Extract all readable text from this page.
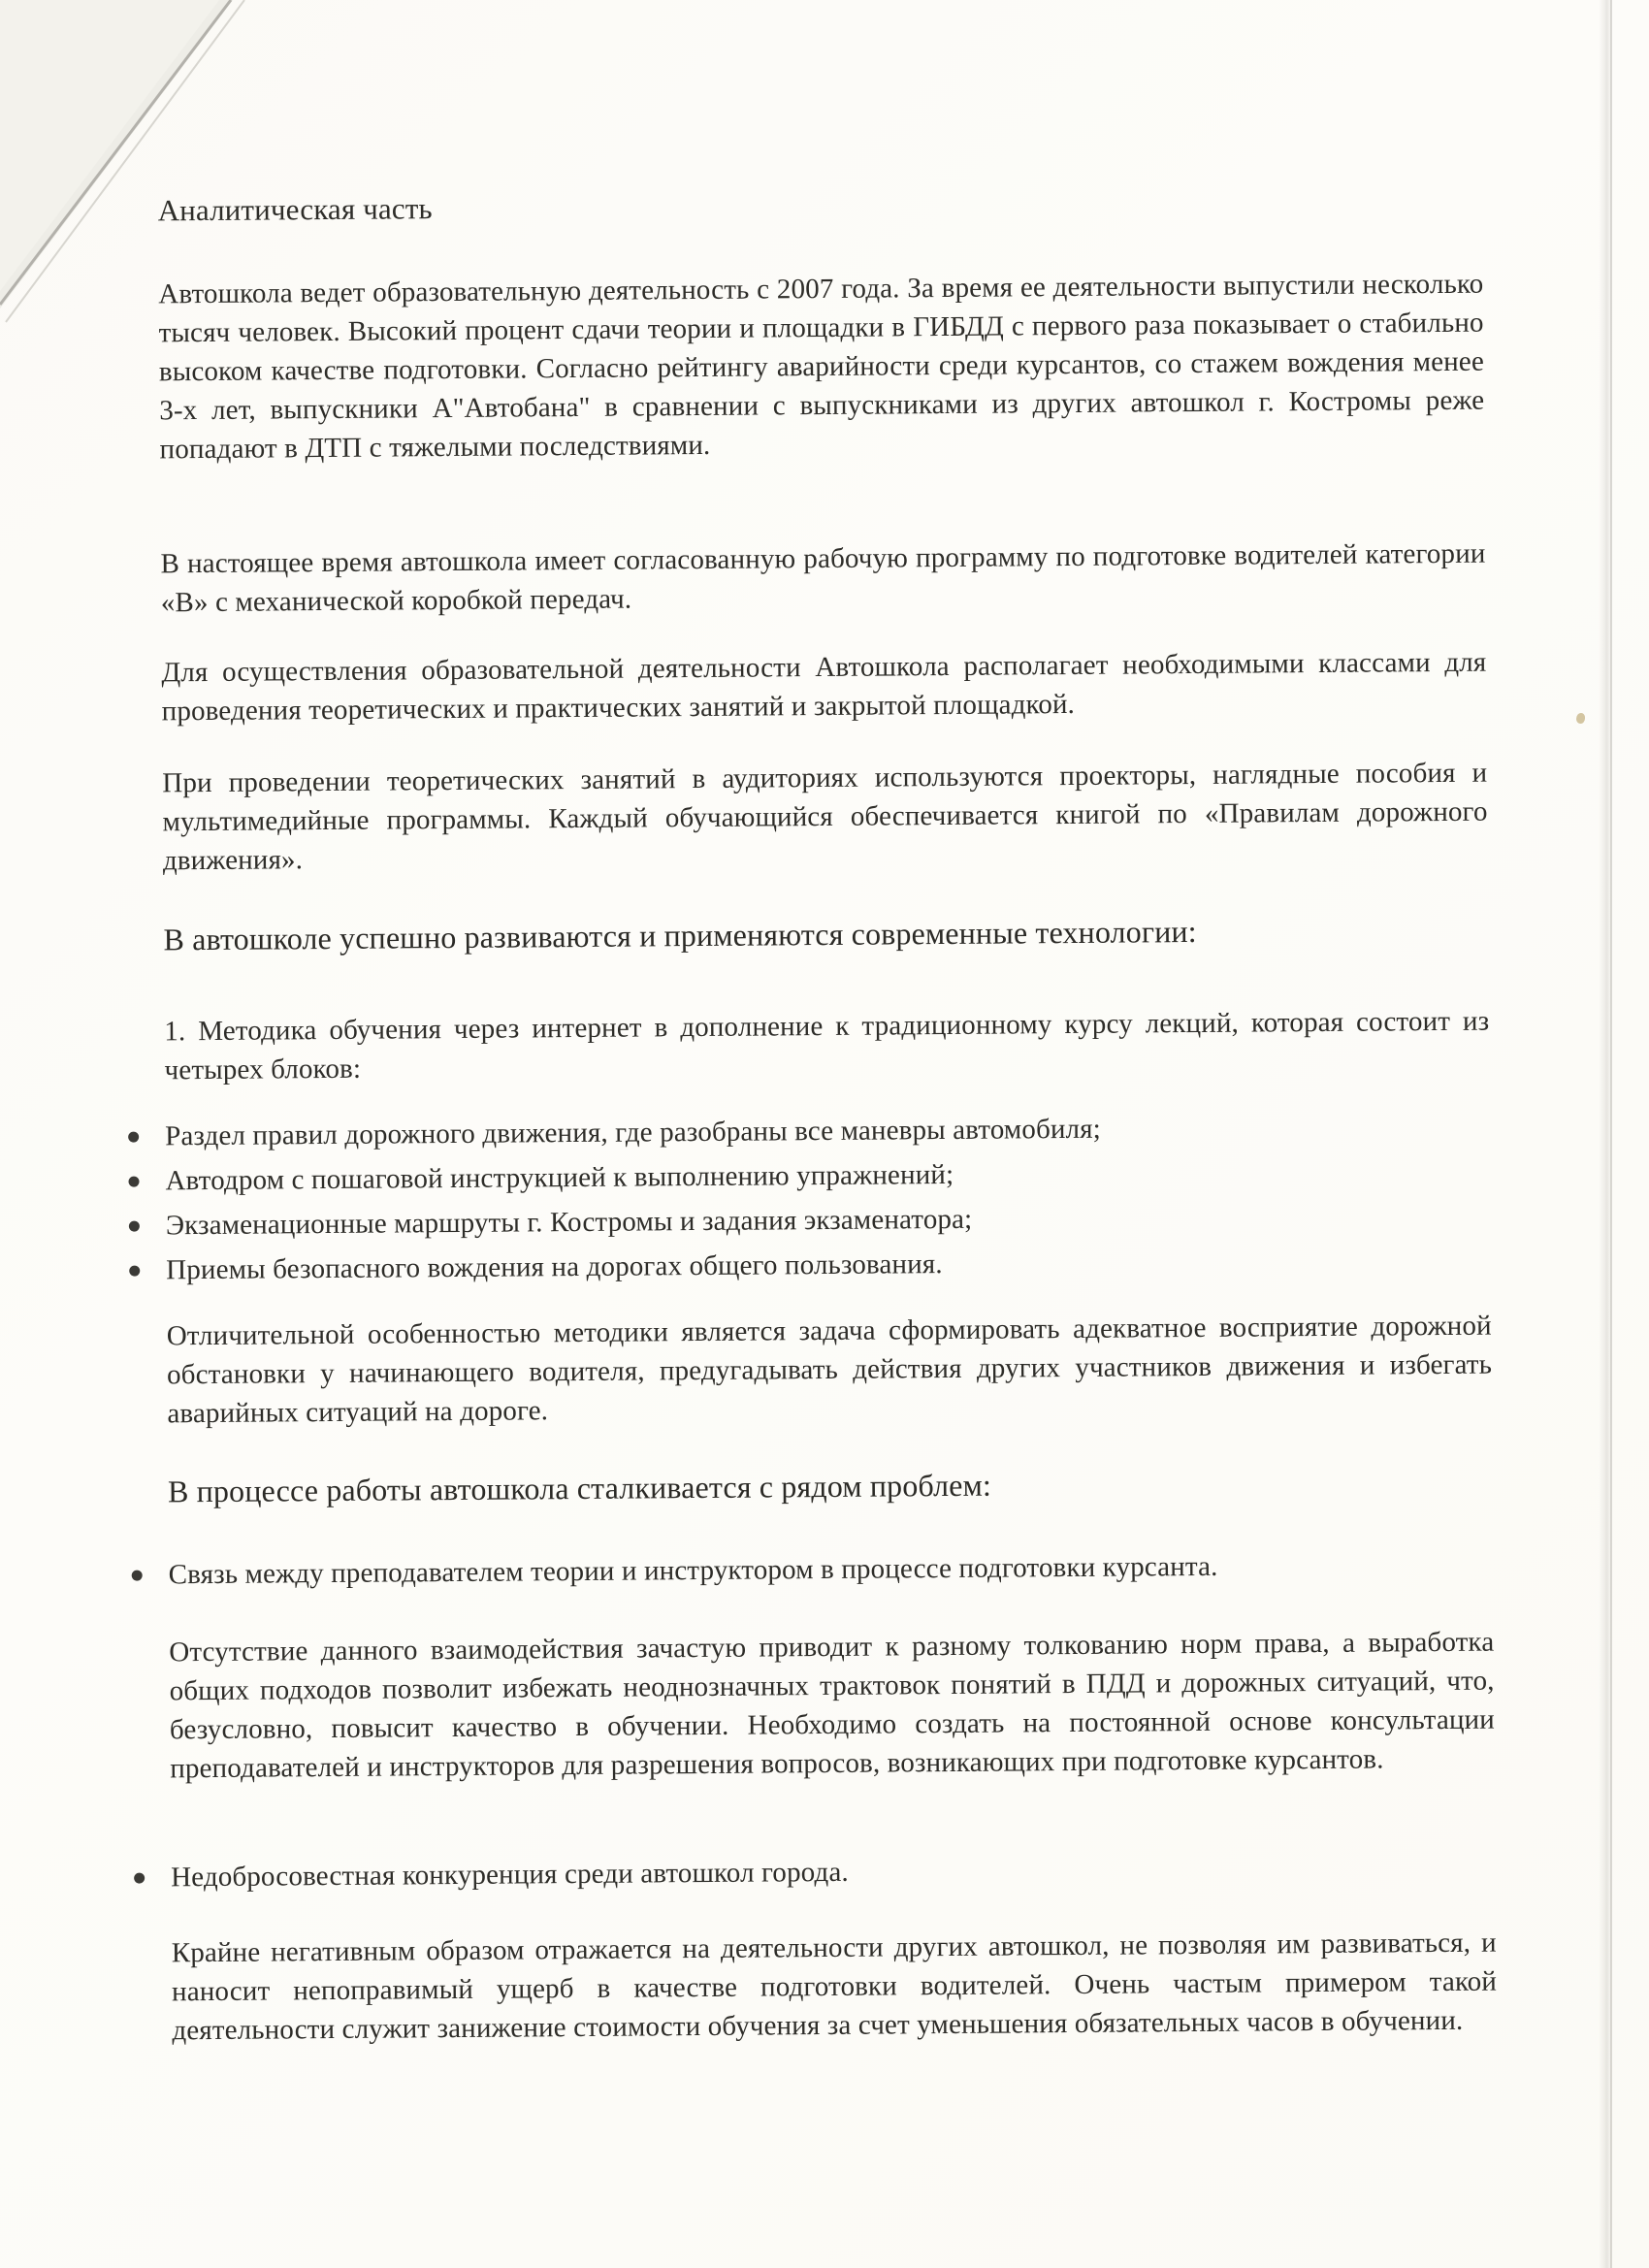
Аналитическая часть
Автошкола ведет образовательную деятельность с 2007 года. За время ее деятельности выпустили несколько тысяч человек. Высокий процент сдачи теории и площадки в ГИБДД с первого раза показывает о стабильно высоком качестве подготовки. Согласно рейтингу аварийности среди курсантов, со стажем вождения менее 3-х лет, выпускники А"Автобана" в сравнении с выпускниками из других автошкол г. Костромы реже попадают в ДТП с тяжелыми последствиями.
В настоящее время автошкола имеет согласованную рабочую программу по подготовке водителей категории «В» с механической коробкой передач.
Для осуществления образовательной деятельности Автошкола располагает необходимыми классами для проведения теоретических и практических занятий и закрытой площадкой.
При проведении теоретических занятий в аудиториях используются проекторы, наглядные пособия и мультимедийные программы. Каждый обучающийся обеспечивается книгой по «Правилам дорожного движения».
В автошколе успешно развиваются и применяются современные технологии:
1. Методика обучения через интернет в дополнение к традиционному курсу лекций, которая состоит из четырех блоков:
Раздел правил дорожного движения, где разобраны все маневры автомобиля;
Автодром с пошаговой инструкцией к выполнению упражнений;
Экзаменационные маршруты г. Костромы и задания экзаменатора;
Приемы безопасного вождения на дорогах общего пользования.
Отличительной особенностью методики является задача сформировать адекватное восприятие дорожной обстановки у начинающего водителя, предугадывать действия других участников движения и избегать аварийных ситуаций на дороге.
В процессе работы автошкола сталкивается с рядом проблем:
Связь между преподавателем теории и инструктором в процессе подготовки курсанта.
Отсутствие данного взаимодействия зачастую приводит к разному толкованию норм права, а выработка общих подходов позволит избежать неоднозначных трактовок понятий в ПДД и дорожных ситуаций, что, безусловно, повысит качество в обучении. Необходимо создать на постоянной основе консультации преподавателей и инструкторов для разрешения вопросов, возникающих при подготовке курсантов.
Недобросовестная конкуренция среди автошкол города.
Крайне негативным образом отражается на деятельности других автошкол, не позволяя им развиваться, и наносит непоправимый ущерб в качестве подготовки водителей. Очень частым примером такой деятельности служит занижение стоимости обучения за счет уменьшения обязательных часов в обучении.
